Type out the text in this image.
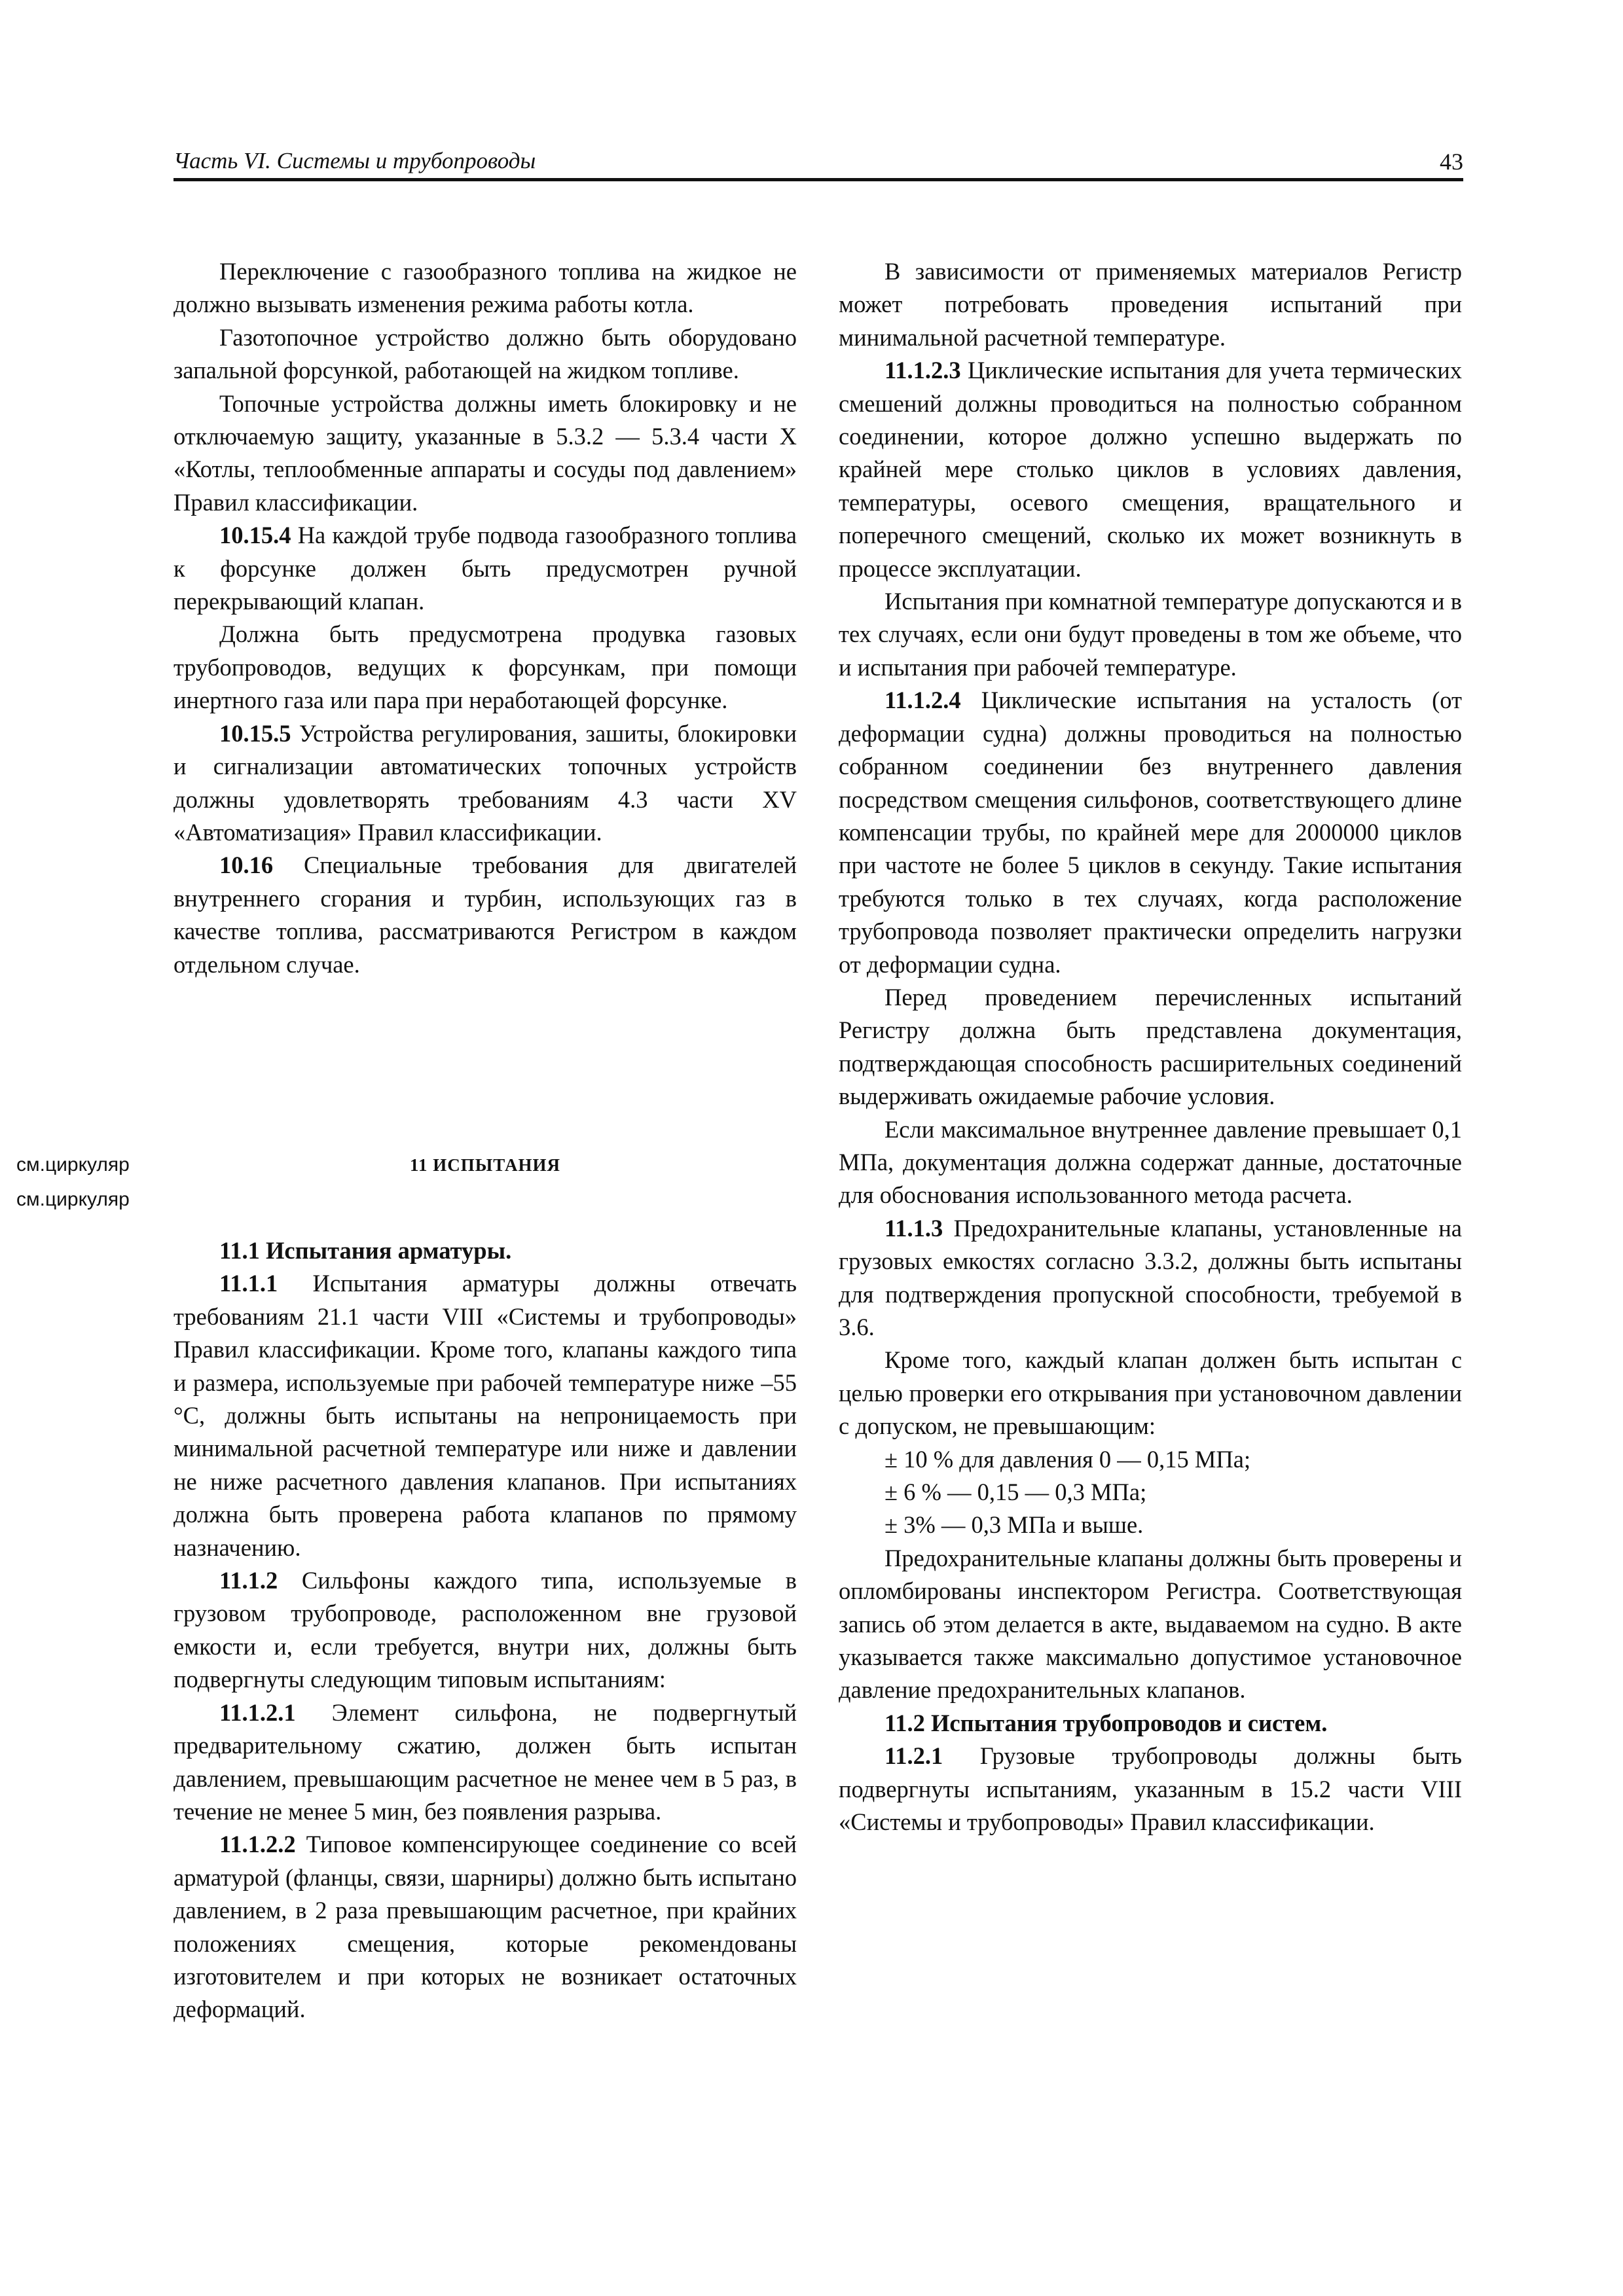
Часть VI. Системы и трубопроводы	43

Переключение с газообразного топлива на жидкое не должно вызывать изменения режима работы котла.

Газотопочное устройство должно быть оборудовано запальной форсункой, работающей на жидком топливе.

Топочные устройства должны иметь блокировку и не отключаемую защиту, указанные в 5.3.2 — 5.3.4 части X «Котлы, теплообменные аппараты и сосуды под давлением» Правил классификации.

10.15.4 На каждой трубе подвода газообразного топлива к форсунке должен быть предусмотрен ручной перекрывающий клапан.

Должна быть предусмотрена продувка газовых трубопроводов, ведущих к форсункам, при помощи инертного газа или пара при неработающей форсунке.

10.15.5 Устройства регулирования, зашиты, блокировки и сигнализации автоматических топочных устройств должны удовлетворять требованиям 4.3 части XV «Автоматизация» Правил классификации.

10.16 Специальные требования для двигателей внутреннего сгорания и турбин, использующих газ в качестве топлива, рассматриваются Регистром в каждом отдельном случае.

см.циркуляр
см.циркуляр
11 ИСПЫТАНИЯ

11.1 Испытания арматуры.

11.1.1 Испытания арматуры должны отвечать требованиям 21.1 части VIII «Системы и трубопроводы» Правил классификации. Кроме того, клапаны каждого типа и размера, используемые при рабочей температуре ниже –55 °С, должны быть испытаны на непроницаемость при минимальной расчетной температуре или ниже и давлении не ниже расчетного давления клапанов. При испытаниях должна быть проверена работа клапанов по прямому назначению.

11.1.2 Сильфоны каждого типа, используемые в грузовом трубопроводе, расположенном вне грузовой емкости и, если требуется, внутри них, должны быть подвергнуты следующим типовым испытаниям:

11.1.2.1 Элемент сильфона, не подвергнутый предварительному сжатию, должен быть испытан давлением, превышающим расчетное не менее чем в 5 раз, в течение не менее 5 мин, без появления разрыва.

11.1.2.2 Типовое компенсирующее соединение со всей арматурой (фланцы, связи, шарниры) должно быть испытано давлением, в 2 раза превышающим расчетное, при крайних положениях смещения, которые рекомендованы изготовителем и при которых не возникает остаточных деформаций.

В зависимости от применяемых материалов Регистр может потребовать проведения испытаний при минимальной расчетной температуре.

11.1.2.3 Циклические испытания для учета термических смешений должны проводиться на полностью собранном соединении, которое должно успешно выдержать по крайней мере столько циклов в условиях давления, температуры, осевого смещения, вращательного и поперечного смещений, сколько их может возникнуть в процессе эксплуатации.

Испытания при комнатной температуре допускаются и в тех случаях, если они будут проведены в том же объеме, что и испытания при рабочей температуре.

11.1.2.4 Циклические испытания на усталость (от деформации судна) должны проводиться на полностью собранном соединении без внутреннего давления посредством смещения сильфонов, соответствующего длине компенсации трубы, по крайней мере для 2000000 циклов при частоте не более 5 циклов в секунду. Такие испытания требуются только в тех случаях, когда расположение трубопровода позволяет практически определить нагрузки от деформации судна.

Перед проведением перечисленных испытаний Регистру должна быть представлена документация, подтверждающая способность расширительных соединений выдерживать ожидаемые рабочие условия.

Если максимальное внутреннее давление превышает 0,1 МПа, документация должна содержат данные, достаточные для обоснования использованного метода расчета.

11.1.3 Предохранительные клапаны, установленные на грузовых емкостях согласно 3.3.2, должны быть испытаны для подтверждения пропускной способности, требуемой в 3.6.

Кроме того, каждый клапан должен быть испытан с целью проверки его открывания при установочном давлении с допуском, не превышающим:

± 10 % для давления 0 — 0,15 МПа;
± 6 % — 0,15 — 0,3 МПа;
± 3% — 0,3 МПа и выше.

Предохранительные клапаны должны быть проверены и опломбированы инспектором Регистра. Соответствующая запись об этом делается в акте, выдаваемом на судно. В акте указывается также максимально допустимое установочное давление предохранительных клапанов.

11.2 Испытания трубопроводов и систем.

11.2.1 Грузовые трубопроводы должны быть подвергнуты испытаниям, указанным в 15.2 части VIII «Системы и трубопроводы» Правил классификации.
